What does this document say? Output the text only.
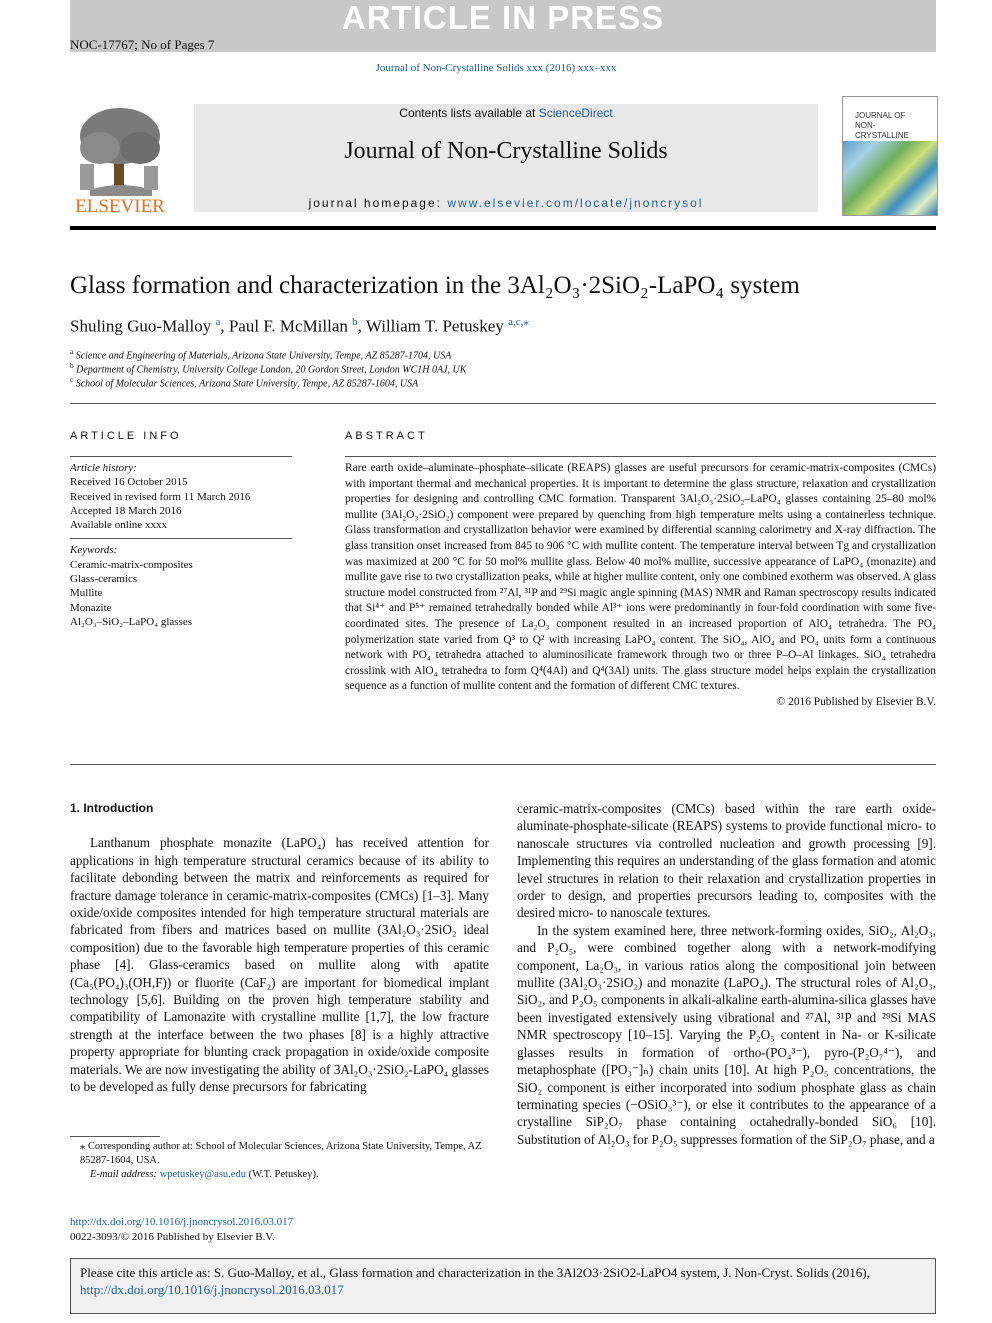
ARTICLE IN PRESS
NOC-17767; No of Pages 7
Journal of Non-Crystalline Solids xxx (2016) xxx–xxx
ELSEVIER
Contents lists available at ScienceDirect
Journal of Non-Crystalline Solids
journal homepage: www.elsevier.com/locate/jnoncrysol
JOURNAL OF NON-CRYSTALLINE
Glass formation and characterization in the 3Al₂O₃·2SiO₂-LaPO₄ system
Shuling Guo-Malloy $^a$, Paul F. McMillan $^b$, William T. Petuskey $^{a,c,⁎}$
$^a$ Science and Engineering of Materials, Arizona State University, Tempe, AZ 85287-1704, USA
$^b$ Department of Chemistry, University College London, 20 Gordon Street, London WC1H 0AJ, UK
$^c$ School of Molecular Sciences, Arizona State University, Tempe, AZ 85287-1604, USA
ARTICLE INFO	ABSTRACT
Article history:
Received 16 October 2015
Received in revised form 11 March 2016
Accepted 18 March 2016
Available online xxxx
Keywords:
Ceramic-matrix-composites
Glass-ceramics
Mullite
Monazite
Al₂O₃–SiO₂–LaPO₄ glasses
Rare earth oxide–aluminate–phosphate–silicate (REAPS) glasses are useful precursors for ceramic-matrix-composites (CMCs) with important thermal and mechanical properties. It is important to determine the glass structure, relaxation and crystallization properties for designing and controlling CMC formation. Transparent 3Al₂O₃·2SiO₂–LaPO₄ glasses containing 25–80 mol% mullite (3Al₂O₃·2SiO₂) component were prepared by quenching from high temperature melts using a containerless technique. Glass transformation and crystallization behavior were examined by differential scanning calorimetry and X-ray diffraction. The glass transition onset increased from 845 to 906 °C with mullite content. The temperature interval between Tg and crystallization was maximized at 200 °C for 50 mol% mullite glass. Below 40 mol% mullite, successive appearance of LaPO₄ (monazite) and mullite gave rise to two crystallization peaks, while at higher mullite content, only one combined exotherm was observed. A glass structure model constructed from ²⁷Al, ³¹P and ²⁹Si magic angle spinning (MAS) NMR and Raman spectroscopy results indicated that Si⁴⁺ and P⁵⁺ remained tetrahedrally bonded while Al³⁺ ions were predominantly in four-fold coordination with some five-coordinated sites. The presence of La₂O₃ component resulted in an increased proportion of AlO₄ tetrahedra. The PO₄ polymerization state varied from Q³ to Q² with increasing LaPO₄ content. The SiO₄, AlO₄ and PO₄ units form a continuous network with PO₄ tetrahedra attached to aluminosilicate framework through two or three P–O–Al linkages. SiO₄ tetrahedra crosslink with AlO₄ tetrahedra to form Q⁴(4Al) and Q⁴(3Al) units. The glass structure model helps explain the crystallization sequence as a function of mullite content and the formation of different CMC textures.
© 2016 Published by Elsevier B.V.
1. Introduction

Lanthanum phosphate monazite (LaPO₄) has received attention for applications in high temperature structural ceramics because of its ability to facilitate debonding between the matrix and reinforcements as required for fracture damage tolerance in ceramic-matrix-composites (CMCs) [1–3]. Many oxide/oxide composites intended for high temperature structural materials are fabricated from fibers and matrices based on mullite (3Al₂O₃·2SiO₂ ideal composition) due to the favorable high temperature properties of this ceramic phase [4]. Glass-ceramics based on mullite along with apatite (Ca₅(PO₄)₃(OH,F)) or fluorite (CaF₂) are important for biomedical implant technology [5,6]. Building on the proven high temperature stability and compatibility of Lamonazite with crystalline mullite [1,7], the low fracture strength at the interface between the two phases [8] is a highly attractive property appropriate for blunting crack propagation in oxide/oxide composite materials. We are now investigating the ability of 3Al₂O₃·2SiO₂-LaPO₄ glasses to be developed as fully dense precursors for fabricating

ceramic-matrix-composites (CMCs) based within the rare earth oxide-aluminate-phosphate-silicate (REAPS) systems to provide functional micro- to nanoscale structures via controlled nucleation and growth processing [9]. Implementing this requires an understanding of the glass formation and atomic level structures in relation to their relaxation and crystallization properties in order to design, and properties precursors leading to, composites with the desired micro- to nanoscale textures.

In the system examined here, three network-forming oxides, SiO₂, Al₂O₃, and P₂O₅, were combined together along with a network-modifying component, La₂O₃, in various ratios along the compositional join between mullite (3Al₂O₃·2SiO₂) and monazite (LaPO₄). The structural roles of Al₂O₃, SiO₂, and P₂O₅ components in alkali-alkaline earth-alumina-silica glasses have been investigated extensively using vibrational and ²⁷Al, ³¹P and ²⁹Si MAS NMR spectroscopy [10–15]. Varying the P₂O₅ content in Na- or K-silicate glasses results in formation of ortho-(PO₄³⁻), pyro-(P₂O₇⁴⁻), and metaphosphate ([PO₃⁻]ₙ) chain units [10]. At high P₂O₅ concentrations, the SiO₂ component is either incorporated into sodium phosphate glass as chain terminating species (−OSiO₃³⁻), or else it contributes to the appearance of a crystalline SiP₂O₇ phase containing octahedrally-bonded SiO₆ [10]. Substitution of Al₂O₃ for P₂O₅ suppresses formation of the SiP₂O₇ phase, and a

⁎ Corresponding author at: School of Molecular Sciences, Arizona State University, Tempe, AZ 85287-1604, USA.
E-mail address: wpetuskey@asu.edu (W.T. Petuskey).
http://dx.doi.org/10.1016/j.jnoncrysol.2016.03.017
0022-3093/© 2016 Published by Elsevier B.V.
Please cite this article as: S. Guo-Malloy, et al., Glass formation and characterization in the 3Al2O3·2SiO2-LaPO4 system, J. Non-Cryst. Solids (2016), http://dx.doi.org/10.1016/j.jnoncrysol.2016.03.017
